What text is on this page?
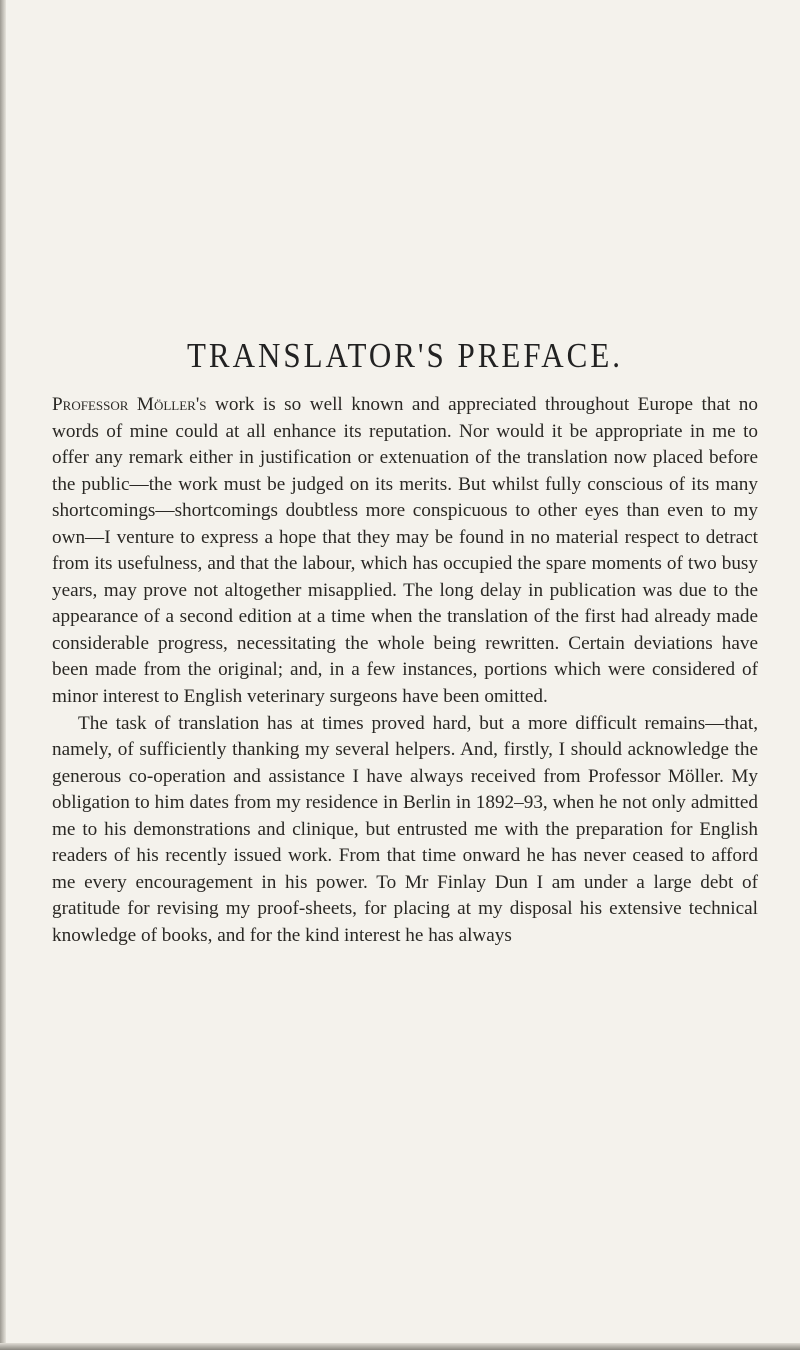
TRANSLATOR'S PREFACE.

Professor Möller's work is so well known and appreciated throughout Europe that no words of mine could at all enhance its reputation. Nor would it be appropriate in me to offer any remark either in justification or extenuation of the translation now placed before the public—the work must be judged on its merits. But whilst fully conscious of its many shortcomings—shortcomings doubtless more conspicuous to other eyes than even to my own—I venture to express a hope that they may be found in no material respect to detract from its usefulness, and that the labour, which has occupied the spare moments of two busy years, may prove not altogether misapplied. The long delay in publication was due to the appearance of a second edition at a time when the translation of the first had already made considerable progress, necessitating the whole being rewritten. Certain deviations have been made from the original; and, in a few instances, portions which were considered of minor interest to English veterinary surgeons have been omitted.

The task of translation has at times proved hard, but a more difficult remains—that, namely, of sufficiently thanking my several helpers. And, firstly, I should acknowledge the generous co-operation and assistance I have always received from Professor Möller. My obligation to him dates from my residence in Berlin in 1892–93, when he not only admitted me to his demonstrations and clinique, but entrusted me with the preparation for English readers of his recently issued work. From that time onward he has never ceased to afford me every encouragement in his power. To Mr Finlay Dun I am under a large debt of gratitude for revising my proof-sheets, for placing at my disposal his extensive technical knowledge of books, and for the kind interest he has always
